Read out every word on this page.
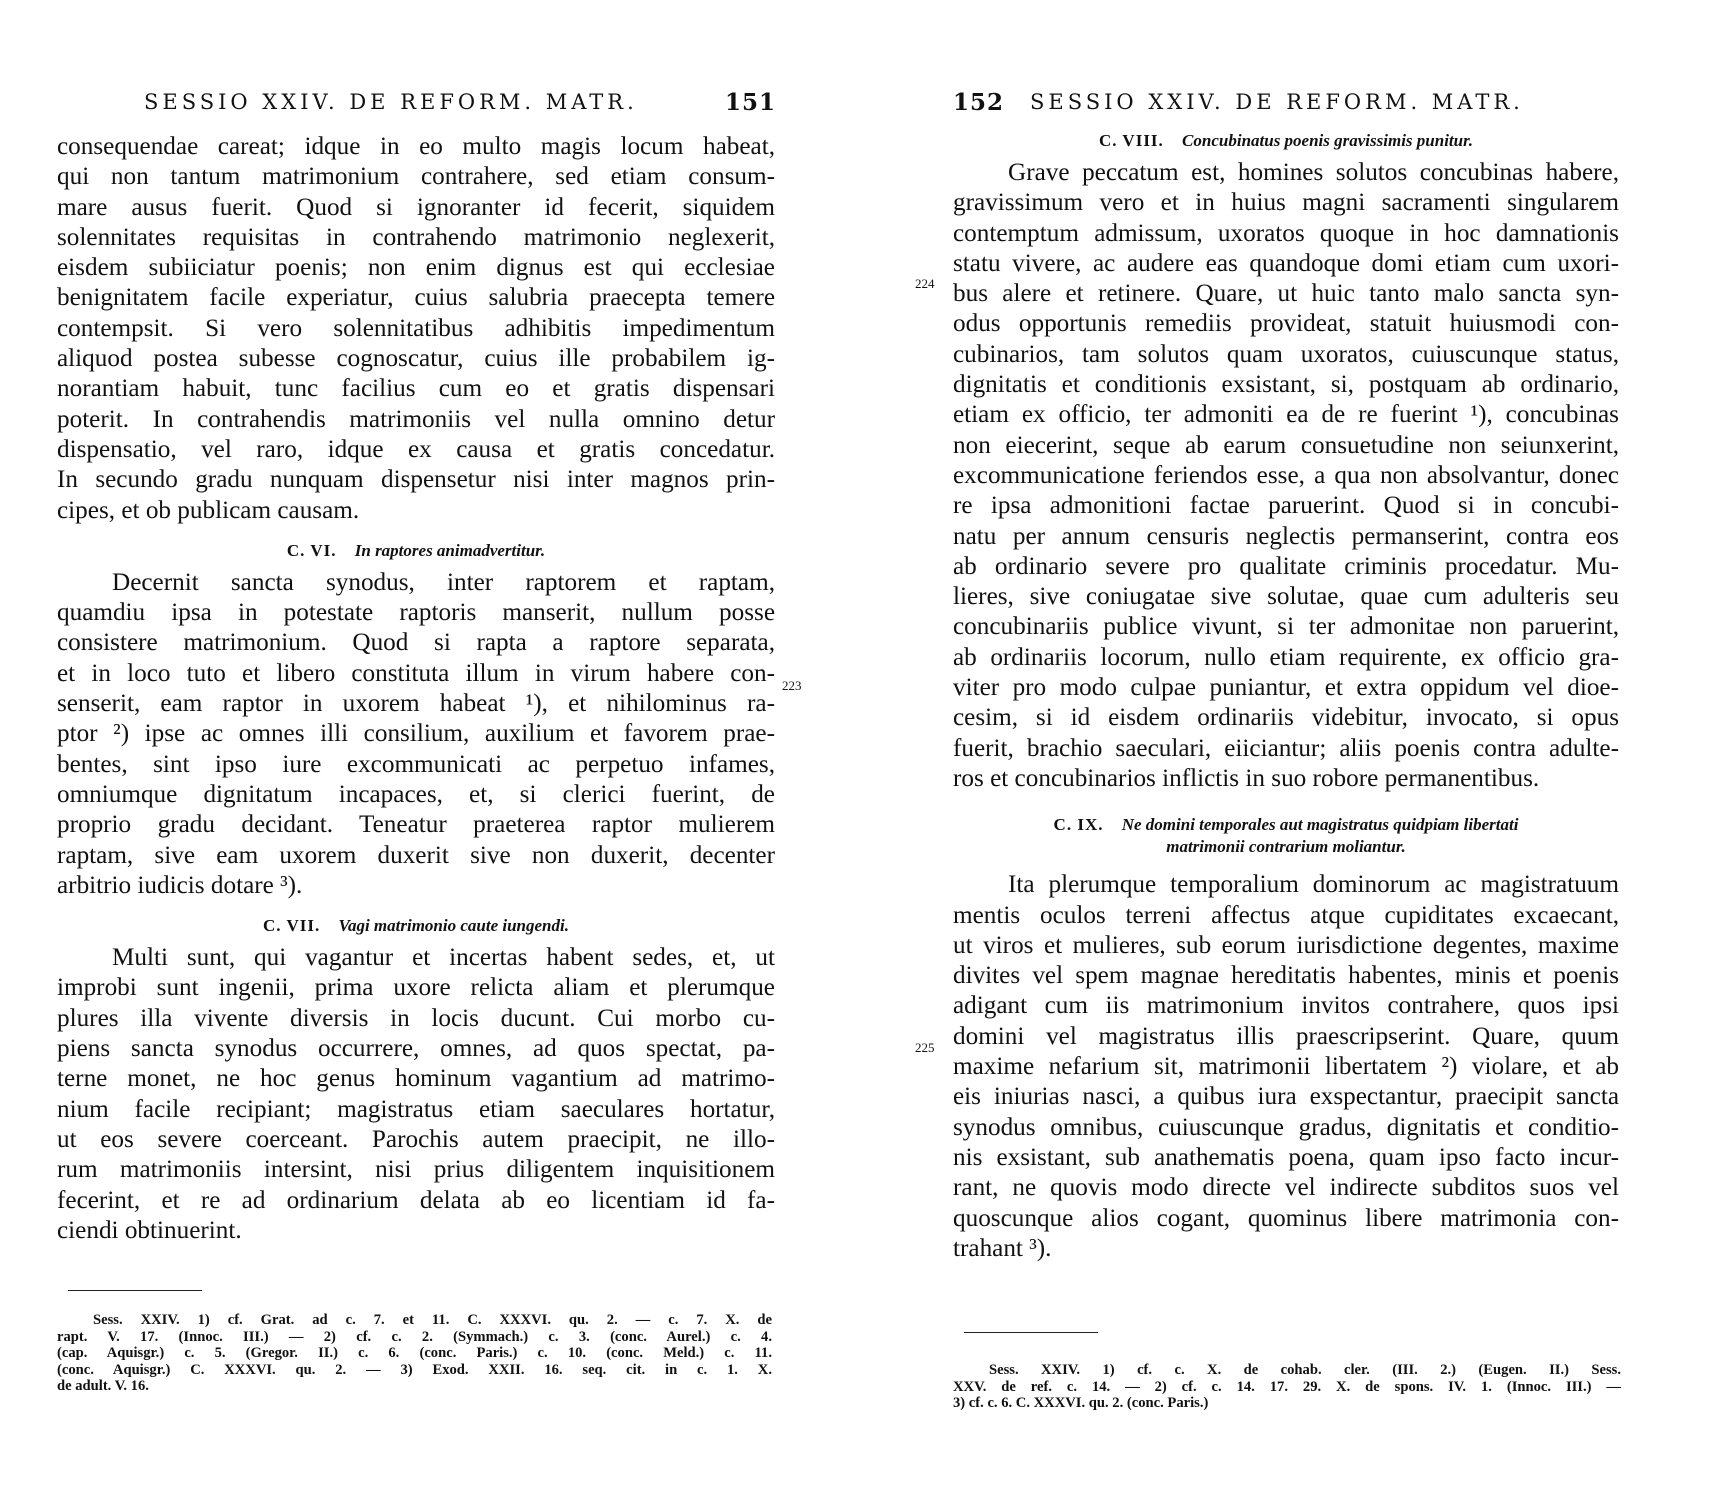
SESSIO XXIV. DE REFORM. MATR.	151
consequendae careat; idque in eo multo magis locum habeat,
qui non tantum matrimonium contrahere, sed etiam consum-
mare ausus fuerit. Quod si ignoranter id fecerit, siquidem
solennitates requisitas in contrahendo matrimonio neglexerit,
eisdem subiiciatur poenis; non enim dignus est qui ecclesiae
benignitatem facile experiatur, cuius salubria praecepta temere
contempsit. Si vero solennitatibus adhibitis impedimentum
aliquod postea subesse cognoscatur, cuius ille probabilem ig-
norantiam habuit, tunc facilius cum eo et gratis dispensari
poterit. In contrahendis matrimoniis vel nulla omnino detur
dispensatio, vel raro, idque ex causa et gratis concedatur.
In secundo gradu nunquam dispensetur nisi inter magnos prin-
cipes, et ob publicam causam.
C. VI. In raptores animadvertitur.
Decernit sancta synodus, inter raptorem et raptam,
quamdiu ipsa in potestate raptoris manserit, nullum posse
consistere matrimonium. Quod si rapta a raptore separata,
et in loco tuto et libero constituta illum in virum habere con-
senserit, eam raptor in uxorem habeat ¹), et nihilominus ra-
ptor ²) ipse ac omnes illi consilium, auxilium et favorem prae-
bentes, sint ipso iure excommunicati ac perpetuo infames,
omniumque dignitatum incapaces, et, si clerici fuerint, de
proprio gradu decidant. Teneatur praeterea raptor mulierem
raptam, sive eam uxorem duxerit sive non duxerit, decenter
arbitrio iudicis dotare ³).
C. VII. Vagi matrimonio caute iungendi.
Multi sunt, qui vagantur et incertas habent sedes, et, ut
improbi sunt ingenii, prima uxore relicta aliam et plerumque
plures illa vivente diversis in locis ducunt. Cui morbo cu-
piens sancta synodus occurrere, omnes, ad quos spectat, pa-
terne monet, ne hoc genus hominum vagantium ad matrimo-
nium facile recipiant; magistratus etiam saeculares hortatur,
ut eos severe coerceant. Parochis autem praecipit, ne illo-
rum matrimoniis intersint, nisi prius diligentem inquisitionem
fecerint, et re ad ordinarium delata ab eo licentiam id fa-
ciendi obtinuerint.
223
Sess. XXIV. 1) cf. Grat. ad c. 7. et 11. C. XXXVI. qu. 2. — c. 7. X. de
rapt. V. 17. (Innoc. III.) — 2) cf. c. 2. (Symmach.) c. 3. (conc. Aurel.) c. 4.
(cap. Aquisgr.) c. 5. (Gregor. II.) c. 6. (conc. Paris.) c. 10. (conc. Meld.) c. 11.
(conc. Aquisgr.) C. XXXVI. qu. 2. — 3) Exod. XXII. 16. seq. cit. in c. 1. X.
de adult. V. 16.
152 SESSIO XXIV. DE REFORM. MATR.
C. VIII. Concubinatus poenis gravissimis punitur.
Grave peccatum est, homines solutos concubinas habere,
gravissimum vero et in huius magni sacramenti singularem
contemptum admissum, uxoratos quoque in hoc damnationis
statu vivere, ac audere eas quandoque domi etiam cum uxori-
bus alere et retinere. Quare, ut huic tanto malo sancta syn-
odus opportunis remediis provideat, statuit huiusmodi con-
cubinarios, tam solutos quam uxoratos, cuiuscunque status,
dignitatis et conditionis exsistant, si, postquam ab ordinario,
etiam ex officio, ter admoniti ea de re fuerint ¹), concubinas
non eiecerint, seque ab earum consuetudine non seiunxerint,
excommunicatione feriendos esse, a qua non absolvantur, donec
re ipsa admonitioni factae paruerint. Quod si in concubi-
natu per annum censuris neglectis permanserint, contra eos
ab ordinario severe pro qualitate criminis procedatur. Mu-
lieres, sive coniugatae sive solutae, quae cum adulteris seu
concubinariis publice vivunt, si ter admonitae non paruerint,
ab ordinariis locorum, nullo etiam requirente, ex officio gra-
viter pro modo culpae puniantur, et extra oppidum vel dioe-
cesim, si id eisdem ordinariis videbitur, invocato, si opus
fuerit, brachio saeculari, eiiciantur; aliis poenis contra adulte-
ros et concubinarios inflictis in suo robore permanentibus.
C. IX. Ne domini temporales aut magistratus quidpiam libertati
matrimonii contrarium moliantur.
Ita plerumque temporalium dominorum ac magistratuum
mentis oculos terreni affectus atque cupiditates excaecant,
ut viros et mulieres, sub eorum iurisdictione degentes, maxime
divites vel spem magnae hereditatis habentes, minis et poenis
adigant cum iis matrimonium invitos contrahere, quos ipsi
domini vel magistratus illis praescripserint. Quare, quum
maxime nefarium sit, matrimonii libertatem ²) violare, et ab
eis iniurias nasci, a quibus iura exspectantur, praecipit sancta
synodus omnibus, cuiuscunque gradus, dignitatis et conditio-
nis exsistant, sub anathematis poena, quam ipso facto incur-
rant, ne quovis modo directe vel indirecte subditos suos vel
quoscunque alios cogant, quominus libere matrimonia con-
trahant ³).
224
225
Sess. XXIV. 1) cf. c. X. de cohab. cler. (III. 2.) (Eugen. II.) Sess.
XXV. de ref. c. 14. — 2) cf. c. 14. 17. 29. X. de spons. IV. 1. (Innoc. III.) —
3) cf. c. 6. C. XXXVI. qu. 2. (conc. Paris.)
